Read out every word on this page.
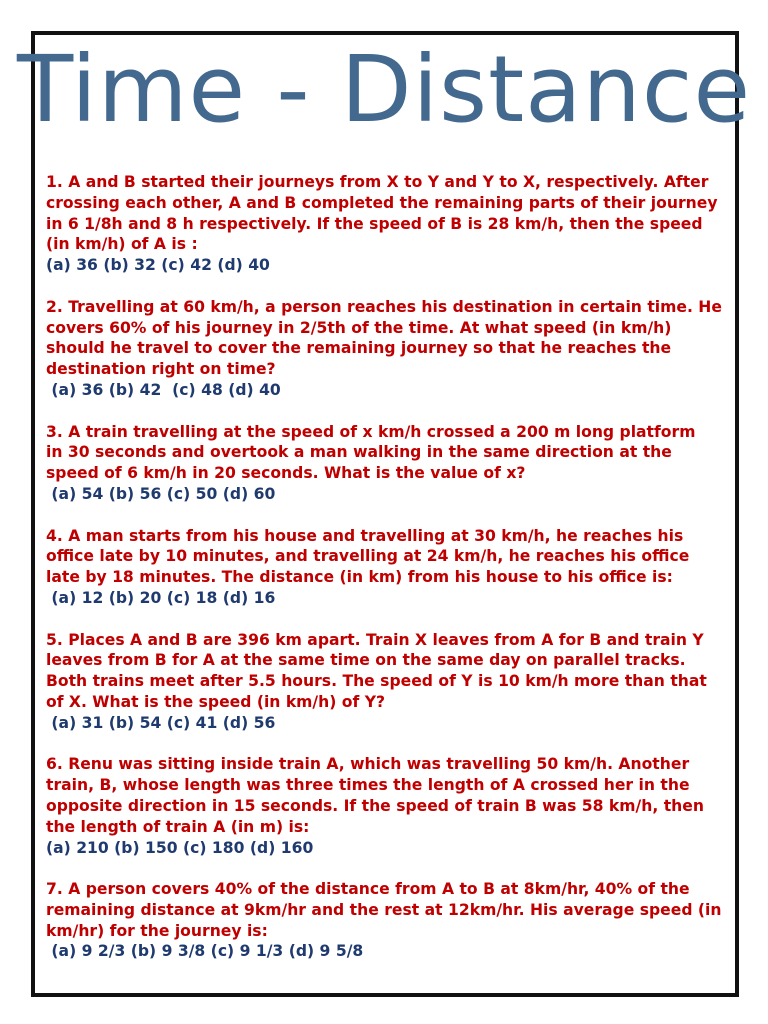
Time - Distance
1. A and B started their journeys from X to Y and Y to X, respectively. After crossing each other, A and B completed the remaining parts of their journey in 6 1/8h and 8 h respectively. If the speed of B is 28 km/h, then the speed (in km/h) of A is :
(a) 36 (b) 32 (c) 42 (d) 40
2. Travelling at 60 km/h, a person reaches his destination in certain time. He covers 60% of his journey in 2/5th of the time. At what speed (in km/h) should he travel to cover the remaining journey so that he reaches the destination right on time?
(a) 36 (b) 42  (c) 48 (d) 40
3. A train travelling at the speed of x km/h crossed a 200 m long platform
in 30 seconds and overtook a man walking in the same direction at the speed of 6 km/h in 20 seconds. What is the value of x?
(a) 54 (b) 56 (c) 50 (d) 60
4. A man starts from his house and travelling at 30 km/h, he reaches his office late by 10 minutes, and travelling at 24 km/h, he reaches his office late by 18 minutes. The distance (in km) from his house to his office is:
(a) 12 (b) 20 (c) 18 (d) 16
5. Places A and B are 396 km apart. Train X leaves from A for B and train Y leaves from B for A at the same time on the same day on parallel tracks. Both trains meet after 5.5 hours. The speed of Y is 10 km/h more than that of X. What is the speed (in km/h) of Y?
(a) 31 (b) 54 (c) 41 (d) 56
6. Renu was sitting inside train A, which was travelling 50 km/h. Another train, B, whose length was three times the length of A crossed her in the opposite direction in 15 seconds. If the speed of train B was 58 km/h, then the length of train A (in m) is:
(a) 210 (b) 150 (c) 180 (d) 160
7. A person covers 40% of the distance from A to B at 8km/hr, 40% of the remaining distance at 9km/hr and the rest at 12km/hr. His average speed (in km/hr) for the journey is:
(a) 9 2/3 (b) 9 3/8 (c) 9 1/3 (d) 9 5/8
